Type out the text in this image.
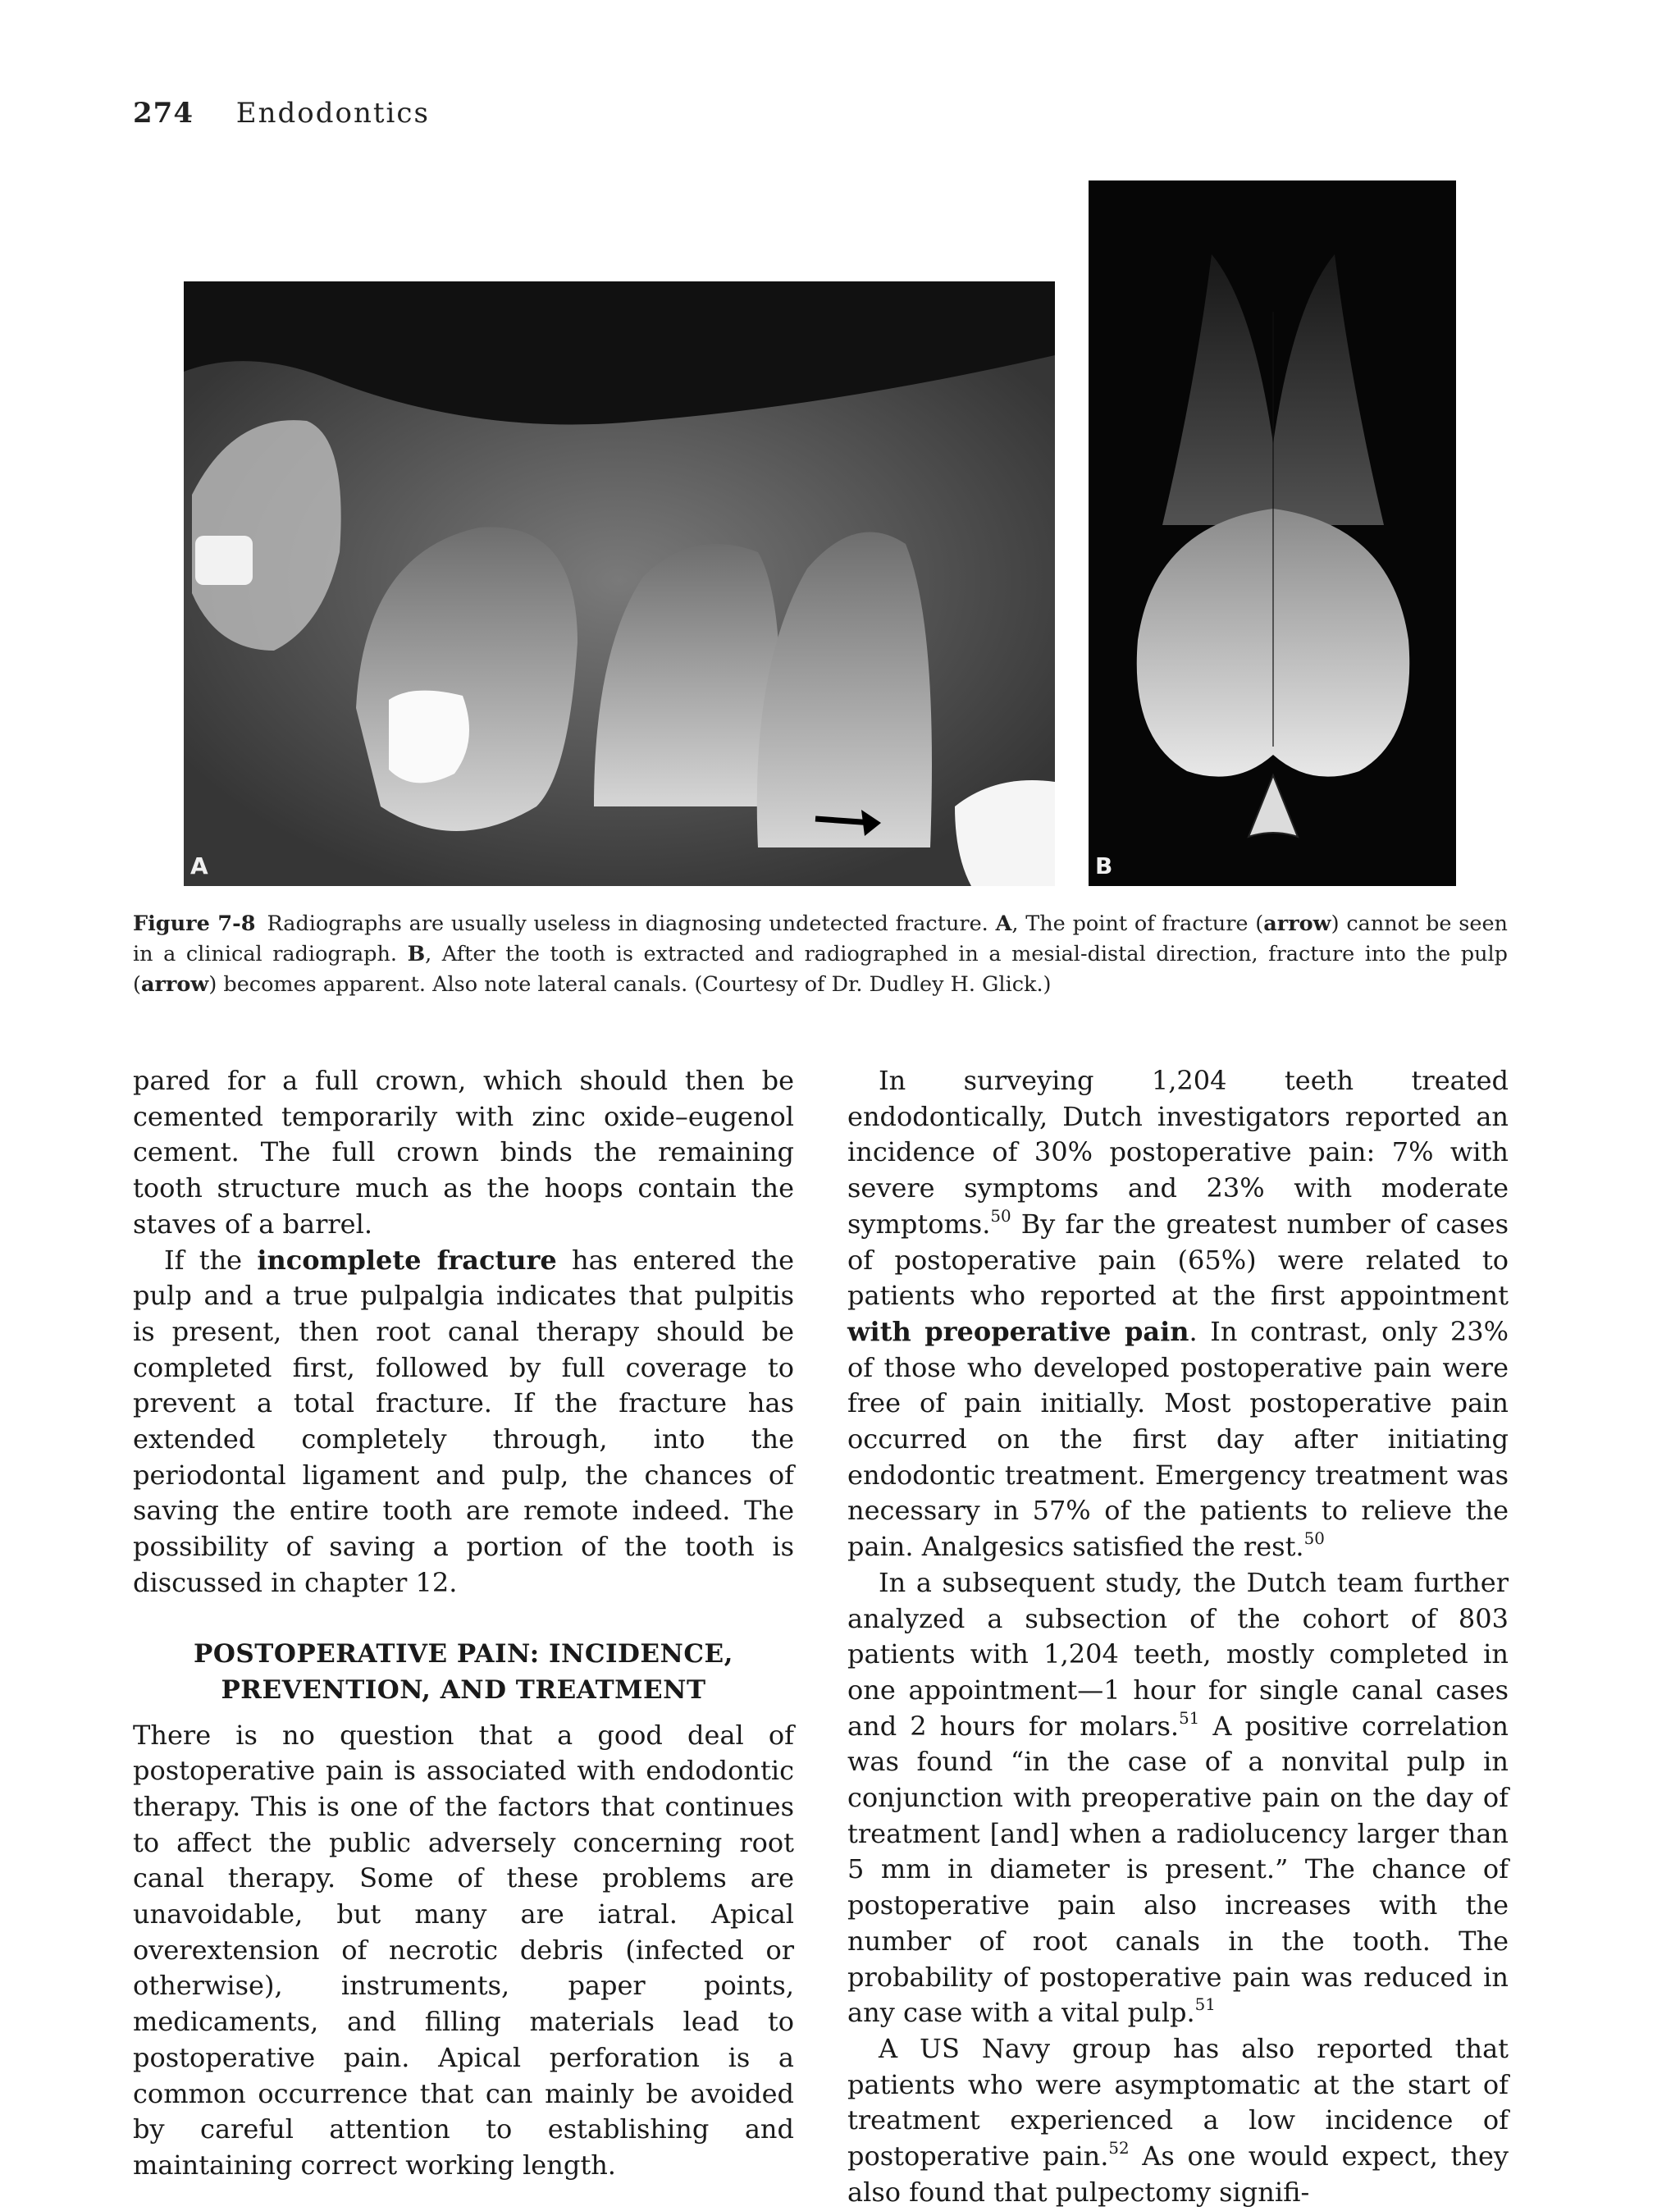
274 Endodontics
A	B
Figure 7-8 Radiographs are usually useless in diagnosing undetected fracture. A, The point of fracture (arrow) cannot be seen in a clinical radiograph. B, After the tooth is extracted and radiographed in a mesial-distal direction, fracture into the pulp (arrow) becomes apparent. Also note lateral canals. (Courtesy of Dr. Dudley H. Glick.)

pared for a full crown, which should then be cemented temporarily with zinc oxide–eugenol cement. The full crown binds the remaining tooth structure much as the hoops contain the staves of a barrel.

If the incomplete fracture has entered the pulp and a true pulpalgia indicates that pulpitis is present, then root canal therapy should be completed first, followed by full coverage to prevent a total fracture. If the fracture has extended completely through, into the periodontal ligament and pulp, the chances of saving the entire tooth are remote indeed. The possibility of saving a portion of the tooth is discussed in chapter 12.

POSTOPERATIVE PAIN: INCIDENCE,
PREVENTION, AND TREATMENT

There is no question that a good deal of postoperative pain is associated with endodontic therapy. This is one of the factors that continues to affect the public adversely concerning root canal therapy. Some of these problems are unavoidable, but many are iatral. Apical overextension of necrotic debris (infected or otherwise), instruments, paper points, medicaments, and filling materials lead to postoperative pain. Apical perforation is a common occurrence that can mainly be avoided by careful attention to establishing and maintaining correct working length.

In surveying 1,204 teeth treated endodontically, Dutch investigators reported an incidence of 30% postoperative pain: 7% with severe symptoms and 23% with moderate symptoms.$^{50}$ By far the greatest number of cases of postoperative pain (65%) were related to patients who reported at the first appointment with preoperative pain. In contrast, only 23% of those who developed postoperative pain were free of pain initially. Most postoperative pain occurred on the first day after initiating endodontic treatment. Emergency treatment was necessary in 57% of the patients to relieve the pain. Analgesics satisfied the rest.$^{50}$

In a subsequent study, the Dutch team further analyzed a subsection of the cohort of 803 patients with 1,204 teeth, mostly completed in one appointment—1 hour for single canal cases and 2 hours for molars.$^{51}$ A positive correlation was found “in the case of a nonvital pulp in conjunction with preoperative pain on the day of treatment [and] when a radiolucency larger than 5 mm in diameter is present.” The chance of postoperative pain also increases with the number of root canals in the tooth. The probability of postoperative pain was reduced in any case with a vital pulp.$^{51}$

A US Navy group has also reported that patients who were asymptomatic at the start of treatment experienced a low incidence of postoperative pain.$^{52}$ As one would expect, they also found that pulpectomy signifi-
